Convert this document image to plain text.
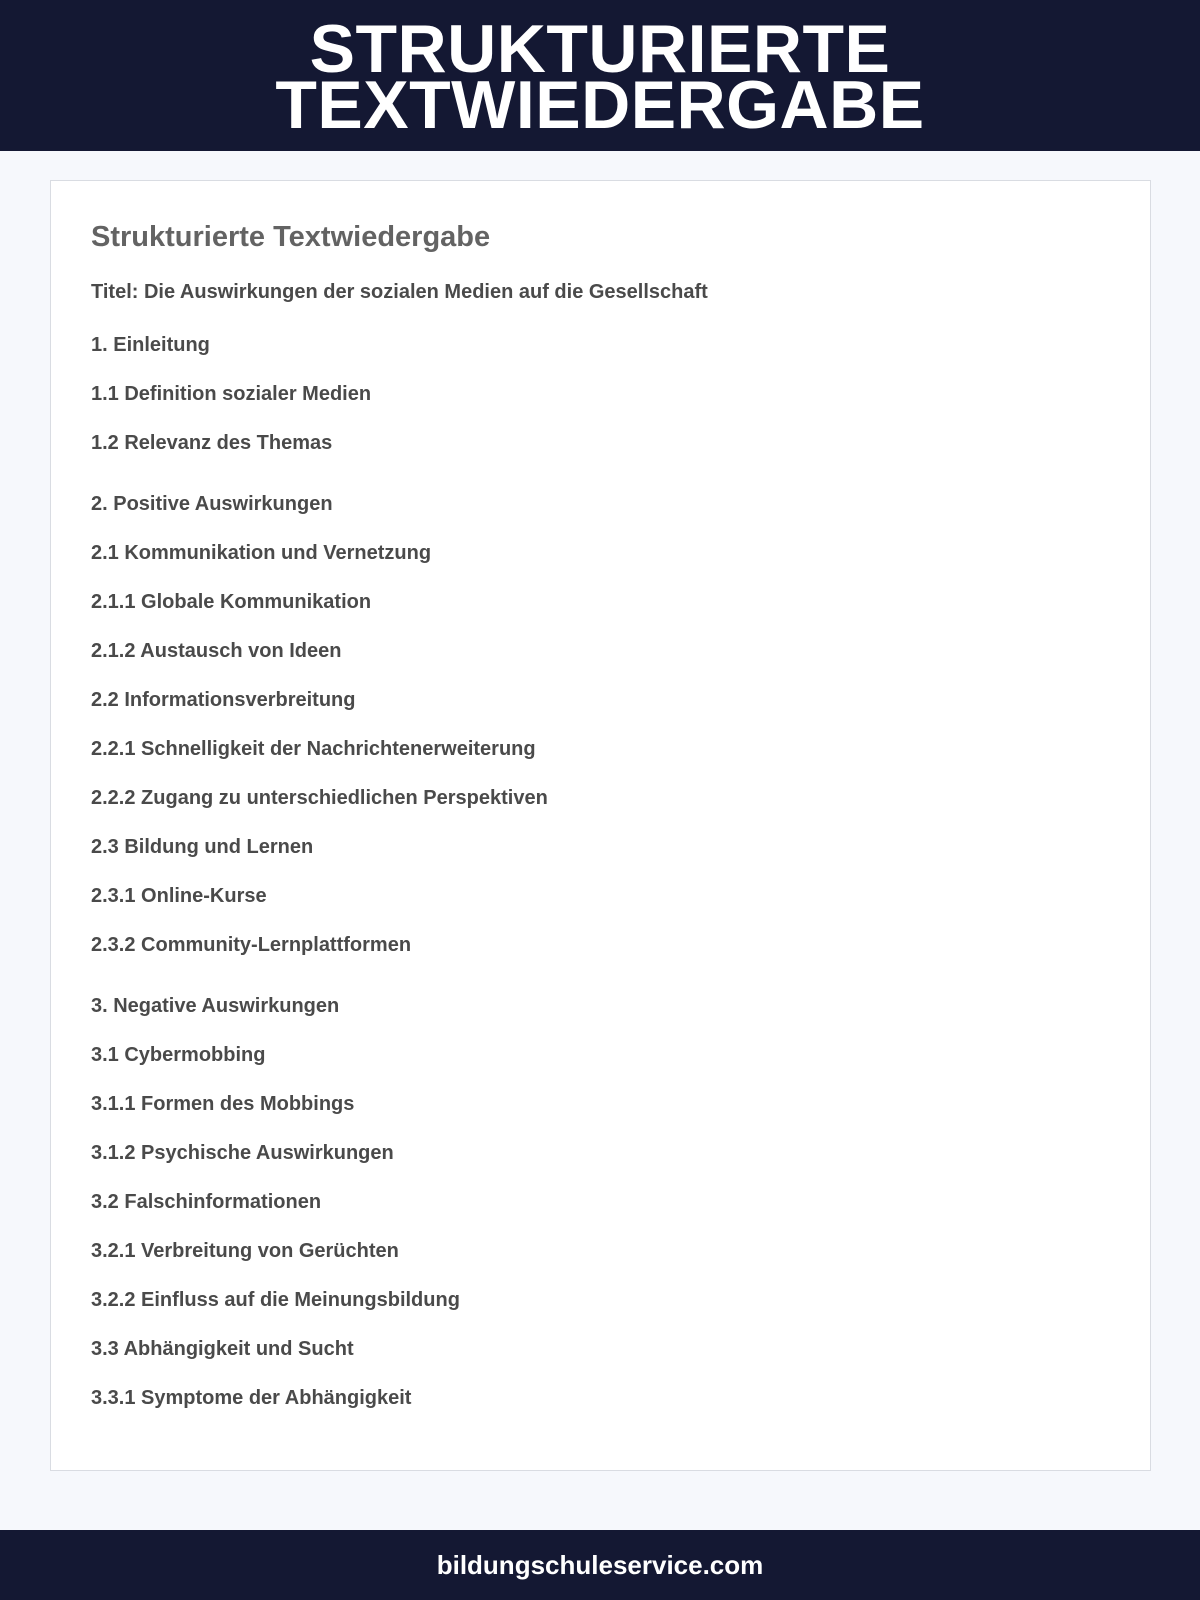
STRUKTURIERTE
TEXTWIEDERGABE
Strukturierte Textwiedergabe
Titel: Die Auswirkungen der sozialen Medien auf die Gesellschaft
1. Einleitung
1.1 Definition sozialer Medien
1.2 Relevanz des Themas
2. Positive Auswirkungen
2.1 Kommunikation und Vernetzung
2.1.1 Globale Kommunikation
2.1.2 Austausch von Ideen
2.2 Informationsverbreitung
2.2.1 Schnelligkeit der Nachrichtenerweiterung
2.2.2 Zugang zu unterschiedlichen Perspektiven
2.3 Bildung und Lernen
2.3.1 Online-Kurse
2.3.2 Community-Lernplattformen
3. Negative Auswirkungen
3.1 Cybermobbing
3.1.1 Formen des Mobbings
3.1.2 Psychische Auswirkungen
3.2 Falschinformationen
3.2.1 Verbreitung von Gerüchten
3.2.2 Einfluss auf die Meinungsbildung
3.3 Abhängigkeit und Sucht
3.3.1 Symptome der Abhängigkeit
bildungschuleservice.com
